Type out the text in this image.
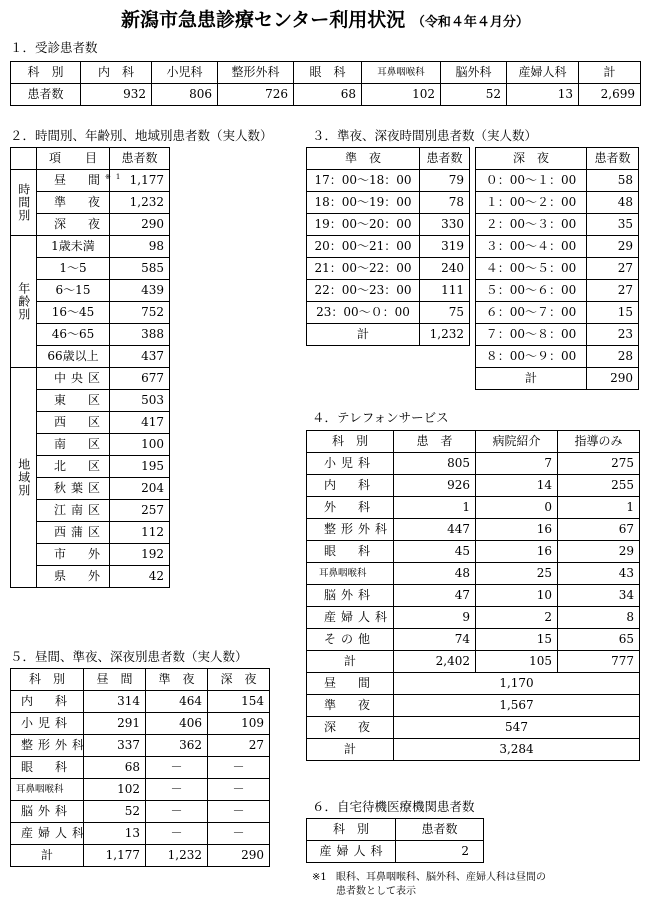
新潟市急患診療センター利用状況 （令和４年４月分）
１．受診患者数
科　別	内　科	小児科	整形外科	眼　科	耳鼻咽喉科	脳外科	産婦人科	計
患者数	932	806	726	68	102	52	13	2,699
２．時間別、年齢別、地域別患者数（実人数）
	項　　目	患者数
時間別	昼　間$^{※1}$	1,177
	準　夜	1,232
	深　夜	290
年齢別	1歳未満	98
	1～5	585
	6～15	439
	16～45	752
	46～65	388
	66歳以上	437
地域別	中央区	677
	東　区	503
	西　区	417
	南　区	100
	北　区	195
	秋葉区	204
	江南区	257
	西蒲区	112
	市　外	192
	県　外	42
３．準夜、深夜時間別患者数（実人数）
準　夜	患者数
17：00～18：00	79
18：00～19：00	78
19：00～20：00	330
20：00～21：00	319
21：00～22：00	240
22：00～23：00	111
23：00～０：00	75
計	1,232
深　夜	患者数
０：00～１：00	58
１：00～２：00	48
２：00～３：00	35
３：00～４：00	29
４：00～５：00	27
５：00～６：00	27
６：00～７：00	15
７：00～８：00	23
８：00～９：00	28
計	290
４．テレフォンサービス
科　別	患　者	病院紹介	指導のみ
小児科	805	7	275
内　科	926	14	255
外　科	1	0	1
整形外科	447	16	67
眼　科	45	16	29
耳鼻咽喉科	48	25	43
脳外科	47	10	34
産婦人科	9	2	8
その他	74	15	65
計	2,402	105	777
昼　間	1,170		
準　夜	1,567		
深　夜	547		
計	3,284		
５．昼間、準夜、深夜別患者数（実人数）
科　別	昼　間	準　夜	深　夜
内　科	314	464	154
小児科	291	406	109
整形外科	337	362	27
眼　科	68	－	－
耳鼻咽喉科	102	－	－
脳外科	52	－	－
産婦人科	13	－	－
計	1,177	1,232	290
６．自宅待機医療機関患者数
科　別	患者数
産婦人科	2
※1 眼科、耳鼻咽喉科、脳外科、産婦人科は昼間の
患者数として表示
